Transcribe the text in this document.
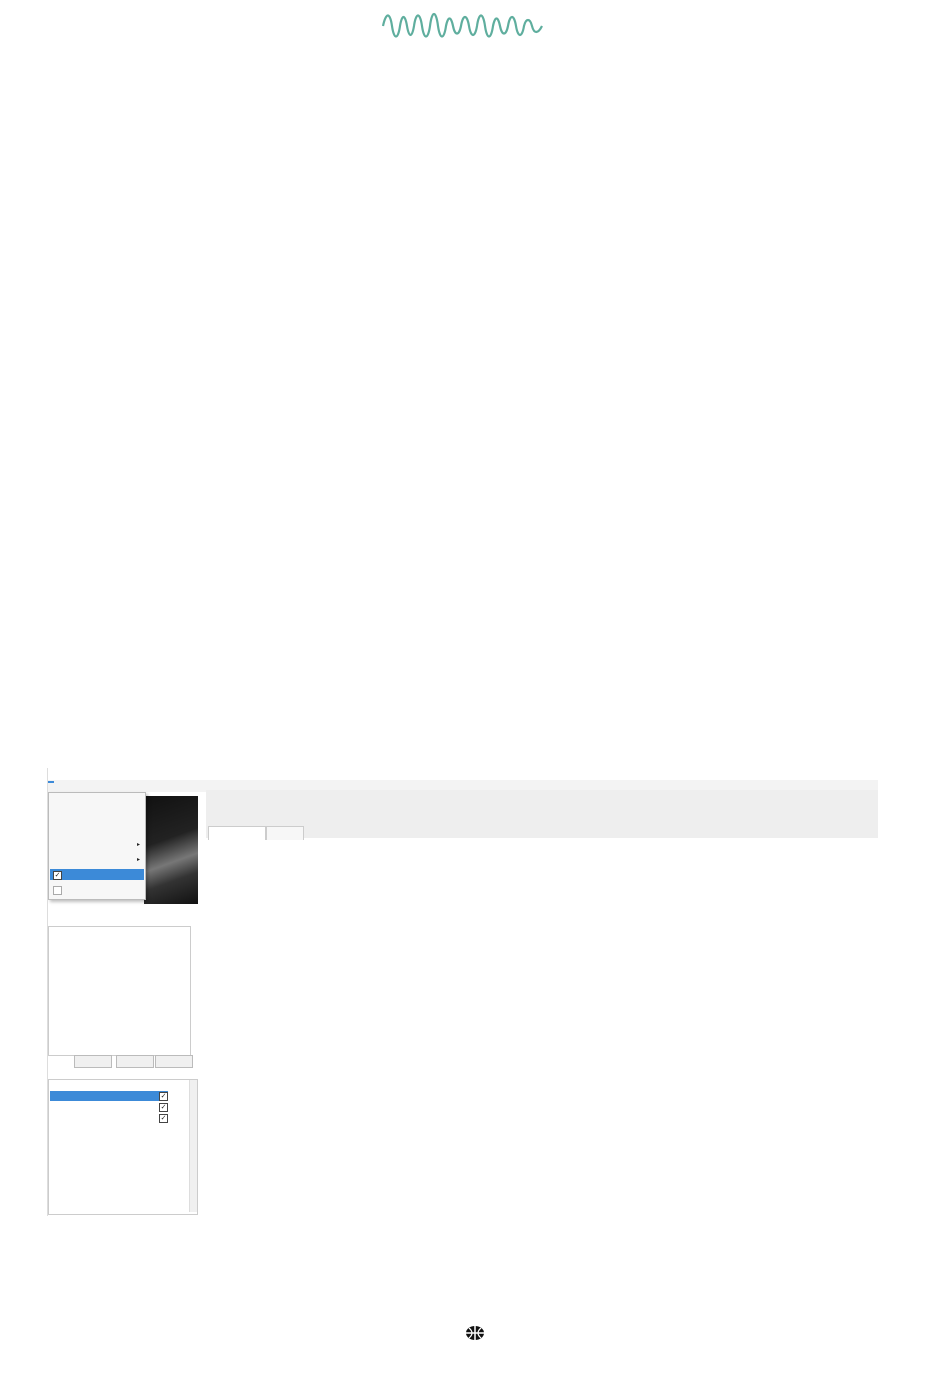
▸
▸
✓
✓
✓
✓
